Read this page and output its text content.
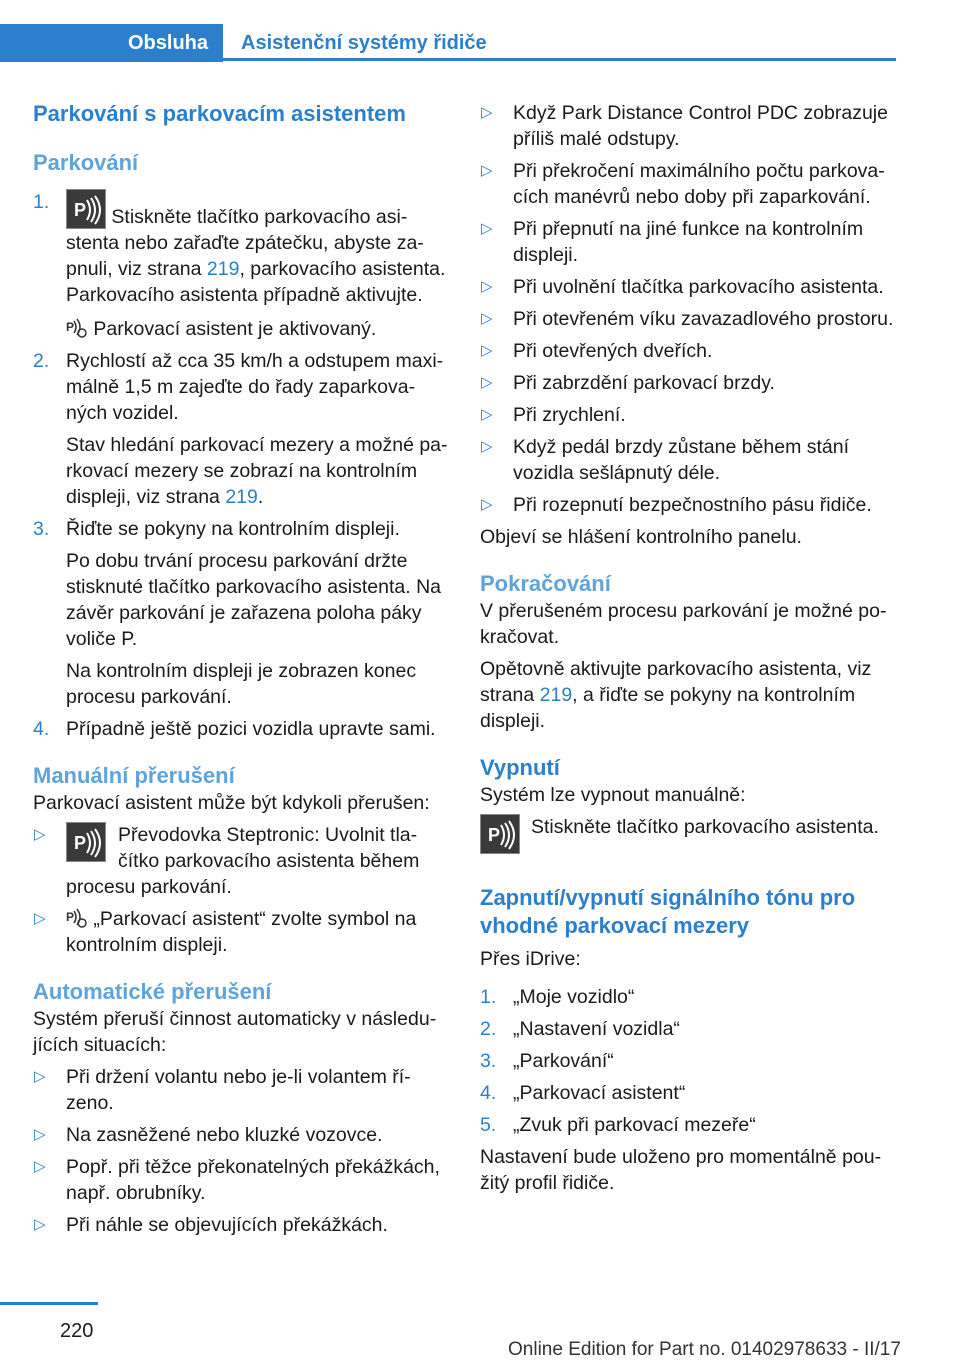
Obsluha	Asistenční systémy řidiče
Parkování s parkovacím asistentem
Parkování
1. P Stiskněte tlačítko parkovacího asistenta nebo zařaďte zpátečku, abyste zapnuli, viz strana 219, parkovacího asistenta. Parkovacího asistenta případně aktivujte.

P Parkovací asistent je aktivovaný.

2. Rychlostí až cca 35 km/h a odstupem maximálně 1,5 m zajeďte do řady zaparkovaných vozidel.

Stav hledání parkovací mezery a možné parkovací mezery se zobrazí na kontrolním displeji, viz strana 219.

3. Řiďte se pokyny na kontrolním displeji.

Po dobu trvání procesu parkování držte stisknuté tlačítko parkovacího asistenta. Na závěr parkování je zařazena poloha páky voliče P.

Na kontrolním displeji je zobrazen konec procesu parkování.

4. Případně ještě pozici vozidla upravte sami.

Manuální přerušení

Parkovací asistent může být kdykoli přerušen:

▷ P Převodovka Steptronic: Uvolnit tlačítko parkovacího asistenta během procesu parkování.

▷ P „Parkovací asistent“ zvolte symbol na kontrolním displeji.

Automatické přerušení

Systém přeruší činnost automaticky v následujících situacích:

▷ Při držení volantu nebo je-li volantem řízeno.

▷ Na zasněžené nebo kluzké vozovce.

▷ Popř. při těžce překonatelných překážkách, např. obrubníky.

▷ Při náhle se objevujících překážkách.

▷ Když Park Distance Control PDC zobrazuje příliš malé odstupy.

▷ Při překročení maximálního počtu parkovacích manévrů nebo doby při zaparkování.

▷ Při přepnutí na jiné funkce na kontrolním displeji.

▷ Při uvolnění tlačítka parkovacího asistenta.

▷ Při otevřeném víku zavazadlového prostoru.

▷ Při otevřených dveřích.

▷ Při zabrzdění parkovací brzdy.

▷ Při zrychlení.

▷ Když pedál brzdy zůstane během stání vozidla sešlápnutý déle.

▷ Při rozepnutí bezpečnostního pásu řidiče.

Objeví se hlášení kontrolního panelu.

Pokračování

V přerušeném procesu parkování je možné pokračovat.

Opětovně aktivujte parkovacího asistenta, viz strana 219, a řiďte se pokyny na kontrolním displeji.

Vypnutí

Systém lze vypnout manuálně:

P Stiskněte tlačítko parkovacího asistenta.

Zapnutí/vypnutí signálního tónu pro vhodné parkovací mezery

Přes iDrive:

1. „Moje vozidlo“

2. „Nastavení vozidla“

3. „Parkování“

4. „Parkovací asistent“

5. „Zvuk při parkovací mezeře“

Nastavení bude uloženo pro momentálně použitý profil řidiče.

220
Online Edition for Part no. 01402978633 - II/17
